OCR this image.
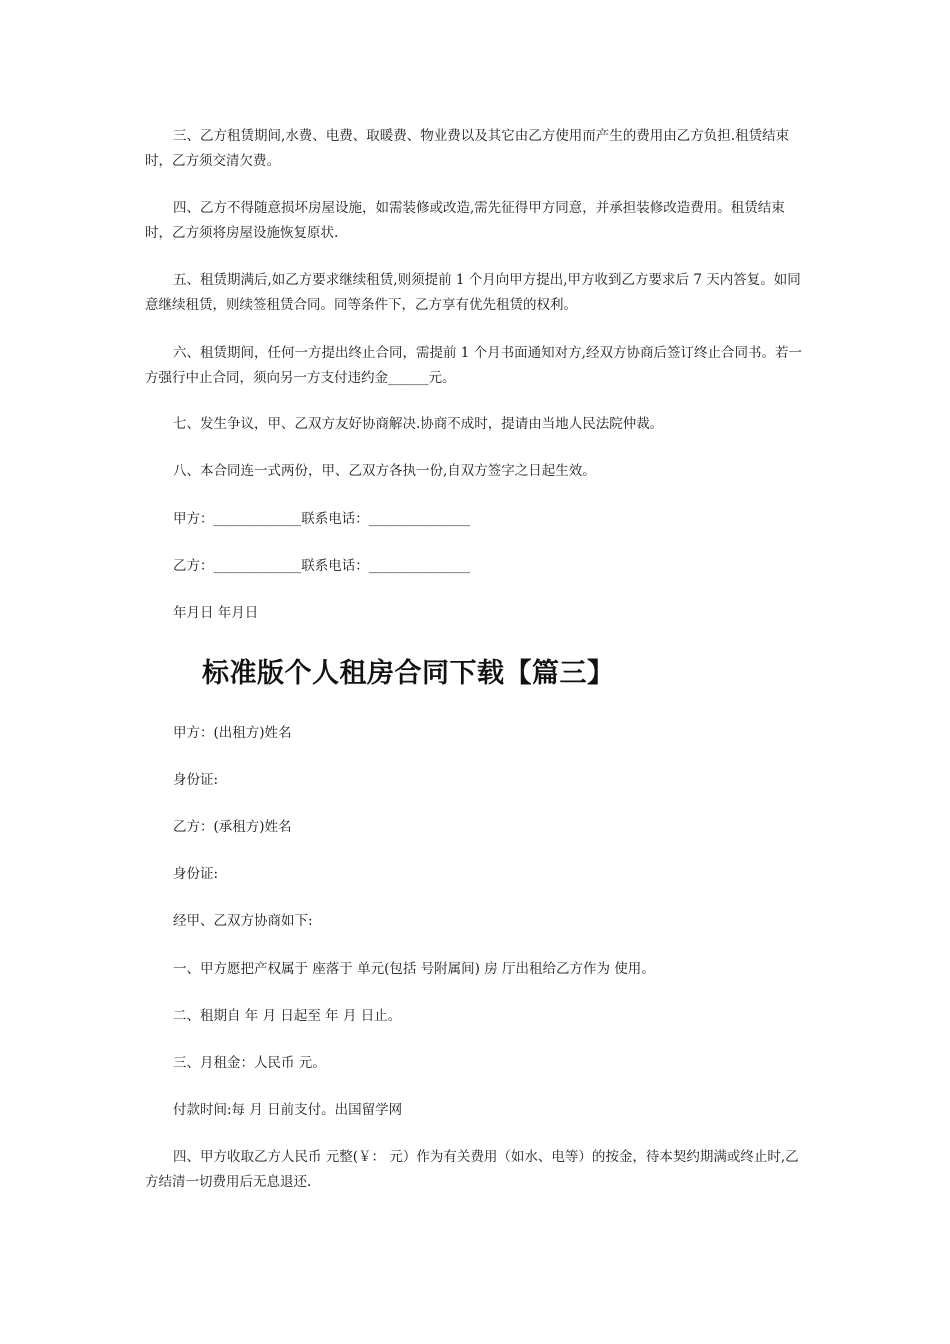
三、乙方租赁期间,水费、电费、取暖费、物业费以及其它由乙方使用而产生的费用由乙方负担.租赁结束时，乙方须交清欠费。

四、乙方不得随意损坏房屋设施，如需装修或改造,需先征得甲方同意，并承担装修改造费用。租赁结束时，乙方须将房屋设施恢复原状.

五、租赁期满后,如乙方要求继续租赁,则须提前 1 个月向甲方提出,甲方收到乙方要求后 7 天内答复。如同意继续租赁，则续签租赁合同。同等条件下，乙方享有优先租赁的权利。

六、租赁期间，任何一方提出终止合同，需提前 1 个月书面通知对方,经双方协商后签订终止合同书。若一方强行中止合同，须向另一方支付违约金______元。

七、发生争议，甲、乙双方友好协商解决.协商不成时，提请由当地人民法院仲裁。

八、本合同连一式两份，甲、乙双方各执一份,自双方签字之日起生效。

甲方：_____________联系电话：_______________

乙方：_____________联系电话：_______________

年月日 年月日

标准版个人租房合同下载【篇三】

甲方：(出租方)姓名

身份证:

乙方：(承租方)姓名

身份证:

经甲、乙双方协商如下:

一、甲方愿把产权属于 座落于 单元(包括 号附属间) 房 厅出租给乙方作为 使用。

二、租期自 年 月 日起至 年 月 日止。

三、月租金：人民币 元。

付款时间:每 月 日前支付。出国留学网

四、甲方收取乙方人民币 元整(￥： 元）作为有关费用（如水、电等）的按金，待本契约期满或终止时,乙方结清一切费用后无息退还.
